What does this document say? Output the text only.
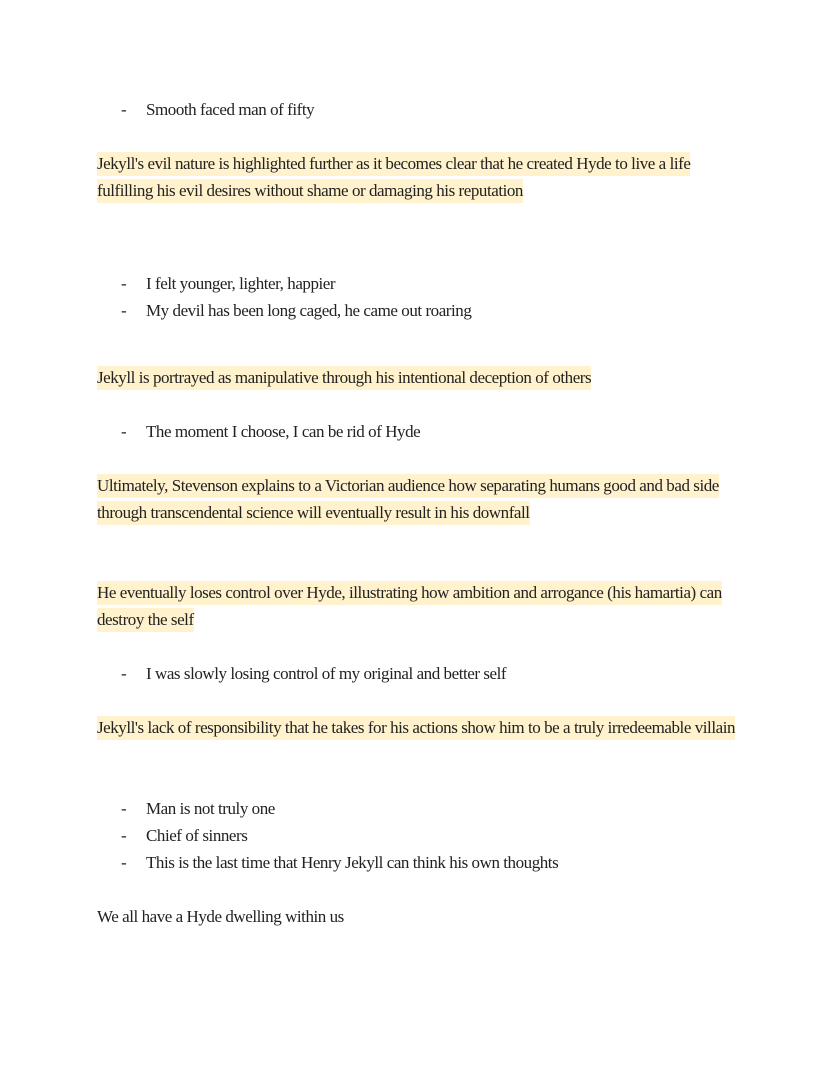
- Smooth faced man of fifty
Jekyll's evil nature is highlighted further as it becomes clear that he created Hyde to live a life fulfilling his evil desires without shame or damaging his reputation
- I felt younger, lighter, happier
- My devil has been long caged, he came out roaring
Jekyll is portrayed as manipulative through his intentional deception of others
- The moment I choose, I can be rid of Hyde
Ultimately, Stevenson explains to a Victorian audience how separating humans good and bad side through transcendental science will eventually result in his downfall
He eventually loses control over Hyde, illustrating how ambition and arrogance (his hamartia) can destroy the self
- I was slowly losing control of my original and better self
Jekyll's lack of responsibility that he takes for his actions show him to be a truly irredeemable villain
- Man is not truly one
- Chief of sinners
- This is the last time that Henry Jekyll can think his own thoughts
We all have a Hyde dwelling within us
